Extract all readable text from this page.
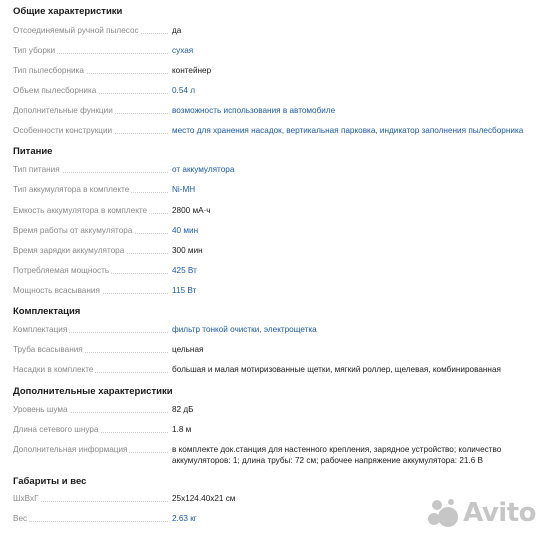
Общие характеристики
Отсоединяемый ручной пылесос	да
Тип уборки	сухая
Тип пылесборника	контейнер
Объем пылесборника	0.54 л
Дополнительные функции	возможность использования в автомобиле
Особенности конструкции	место для хранения насадок, вертикальная парковка, индикатор заполнения пылесборника
Питание
Тип питания	от аккумулятора
Тип аккумулятора в комплекте	Ni-MH
Емкость аккумулятора в комплекте	2800 мА·ч
Время работы от аккумулятора	40 мин
Время зарядки аккумулятора	300 мин
Потребляемая мощность	425 Вт
Мощность всасывания	115 Вт
Комплектация
Комплектация	фильтр тонкой очистки, электрощетка
Труба всасывания	цельная
Насадки в комплекте	большая и малая мотиризованные щетки, мягкий роллер, щелевая, комбинированная
Дополнительные характеристики
Уровень шума	82 дБ
Длина сетевого шнура	1.8 м
Дополнительная информация	в комплекте док.станция для настенного крепления, зарядное устройство; количество
аккумуляторов: 1; длина трубы: 72 см; рабочее напряжение аккумулятора: 21.6 В
Габариты и вес
ШxВxГ	25x124.40x21 см
Вес	2.63 кг	Avito
